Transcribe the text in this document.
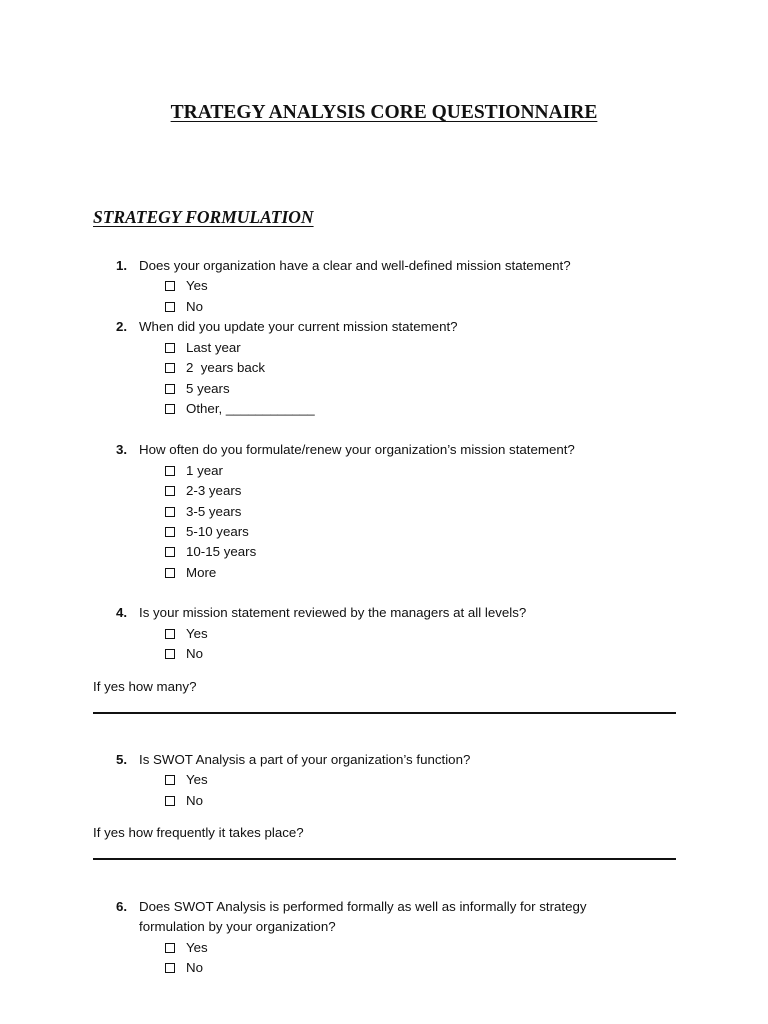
TRATEGY ANALYSIS CORE QUESTIONNAIRE
STRATEGY FORMULATION
1. Does your organization have a clear and well-defined mission statement?
Yes
No
2. When did you update your current mission statement?
Last year
2  years back
5 years
Other, ____________
3. How often do you formulate/renew your organization’s mission statement?
1 year
2-3 years
3-5 years
5-10 years
10-15 years
More
4. Is your mission statement reviewed by the managers at all levels?
Yes
No
If yes how many?
5. Is SWOT Analysis a part of your organization’s function?
Yes
No
If yes how frequently it takes place?
6. Does SWOT Analysis is performed formally as well as informally for strategy
formulation by your organization?
Yes
No
